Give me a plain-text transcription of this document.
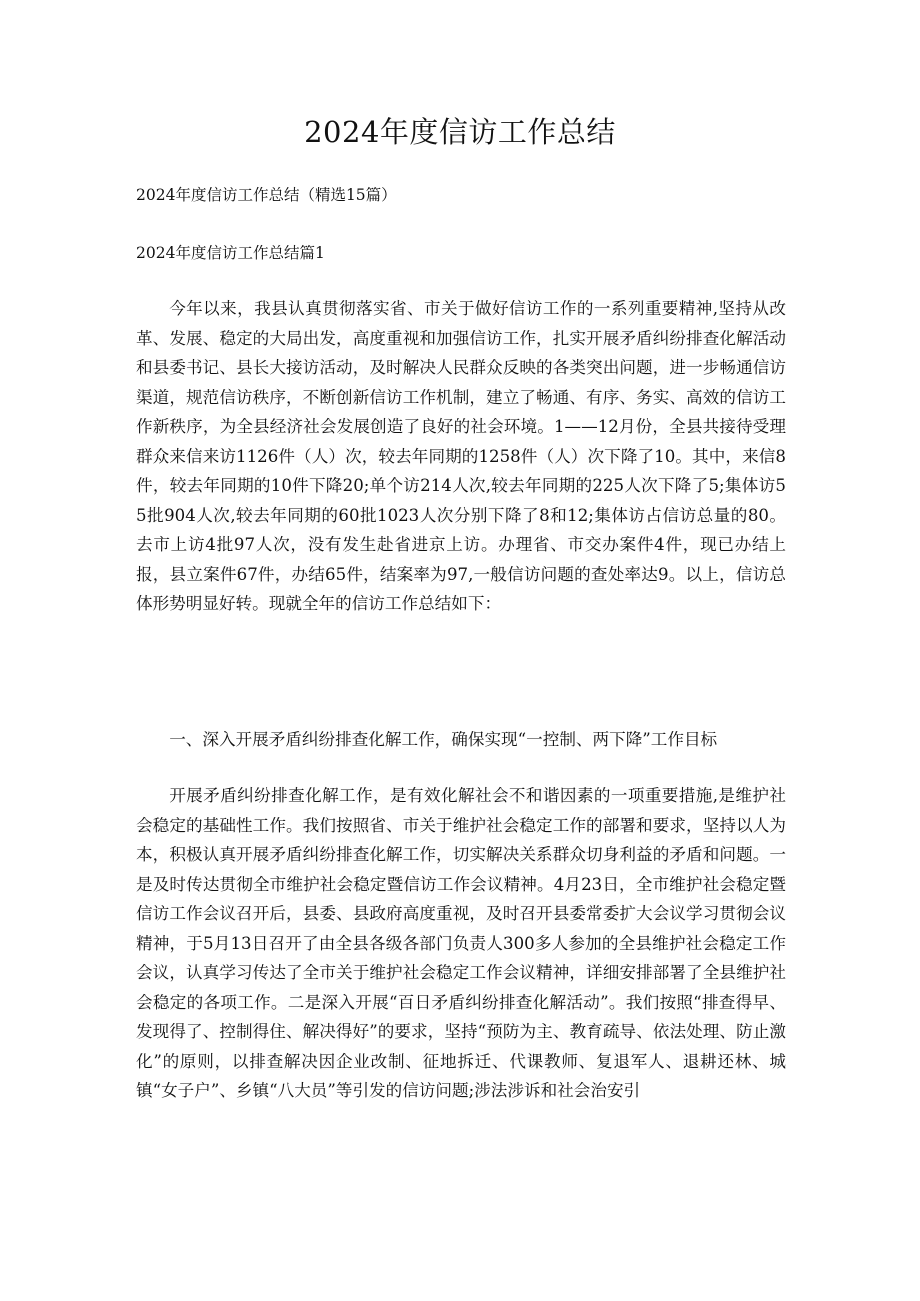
2024年度信访工作总结

2024年度信访工作总结（精选15篇）

2024年度信访工作总结篇1

今年以来，我县认真贯彻落实省、市关于做好信访工作的一系列重要精神,坚持从改革、发展、稳定的大局出发，高度重视和加强信访工作，扎实开展矛盾纠纷排查化解活动和县委书记、县长大接访活动，及时解决人民群众反映的各类突出问题，进一步畅通信访渠道，规范信访秩序，不断创新信访工作机制，建立了畅通、有序、务实、高效的信访工作新秩序，为全县经济社会发展创造了良好的社会环境。1——12月份，全县共接待受理群众来信来访1126件（人）次，较去年同期的1258件（人）次下降了10。其中，来信8件，较去年同期的10件下降20;单个访214人次,较去年同期的225人次下降了5;集体访55批904人次,较去年同期的60批1023人次分别下降了8和12;集体访占信访总量的80。去市上访4批97人次，没有发生赴省进京上访。办理省、市交办案件4件，现已办结上报，县立案件67件，办结65件，结案率为97,一般信访问题的查处率达9。以上，信访总体形势明显好转。现就全年的信访工作总结如下：

一、深入开展矛盾纠纷排查化解工作，确保实现“一控制、两下降”工作目标

开展矛盾纠纷排查化解工作，是有效化解社会不和谐因素的一项重要措施,是维护社会稳定的基础性工作。我们按照省、市关于维护社会稳定工作的部署和要求，坚持以人为本，积极认真开展矛盾纠纷排查化解工作，切实解决关系群众切身利益的矛盾和问题。一是及时传达贯彻全市维护社会稳定暨信访工作会议精神。4月23日，全市维护社会稳定暨信访工作会议召开后，县委、县政府高度重视，及时召开县委常委扩大会议学习贯彻会议精神，于5月13日召开了由全县各级各部门负责人300多人参加的全县维护社会稳定工作会议，认真学习传达了全市关于维护社会稳定工作会议精神，详细安排部署了全县维护社会稳定的各项工作。二是深入开展“百日矛盾纠纷排查化解活动”。我们按照“排查得早、发现得了、控制得住、解决得好”的要求，坚持“预防为主、教育疏导、依法处理、防止激化”的原则，以排查解决因企业改制、征地拆迁、代课教师、复退军人、退耕还林、城镇“女子户”、乡镇“八大员”等引发的信访问题;涉法涉诉和社会治安引
